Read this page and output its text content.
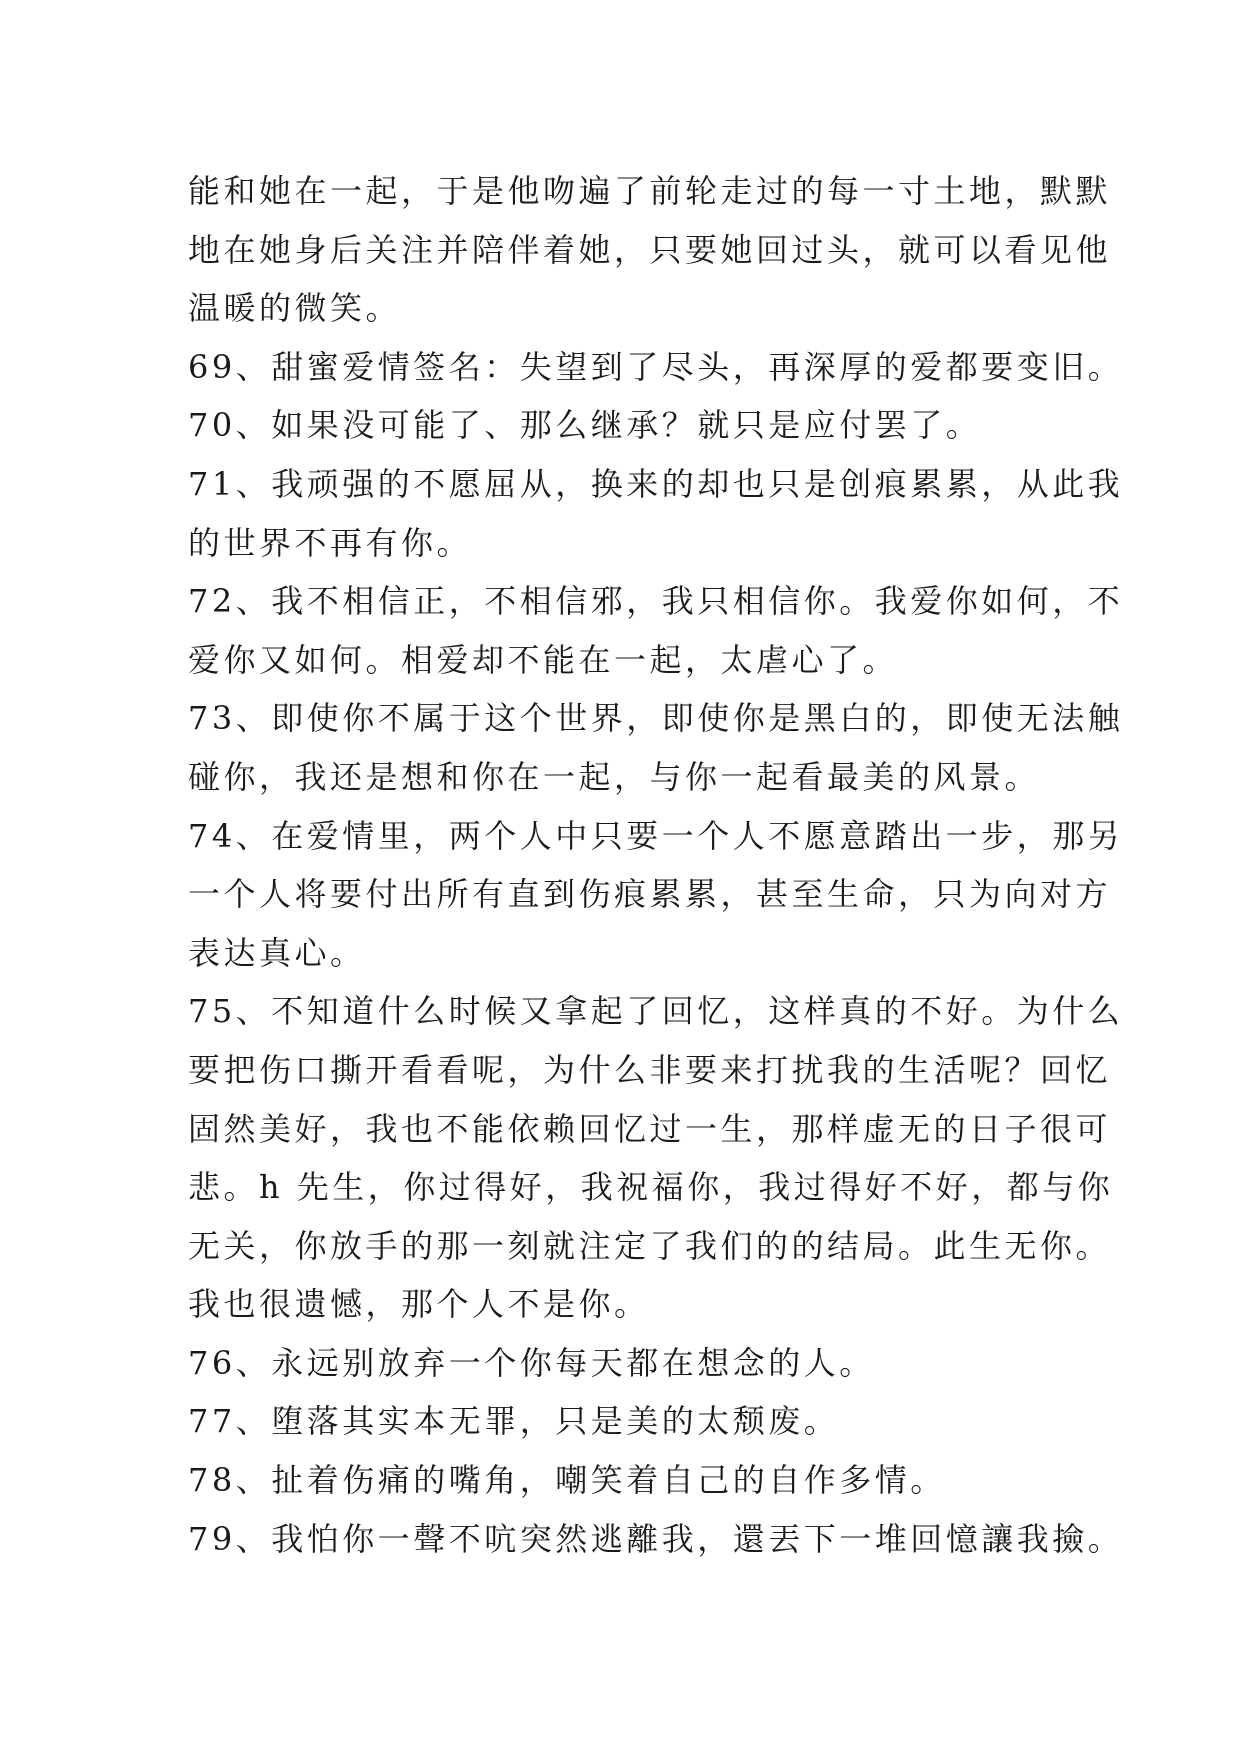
能和她在一起，于是他吻遍了前轮走过的每一寸土地，默默
地在她身后关注并陪伴着她，只要她回过头，就可以看见他
温暖的微笑。
69、甜蜜爱情签名：失望到了尽头，再深厚的爱都要变旧。
70、如果没可能了、那么继承？就只是应付罢了。
71、我顽强的不愿屈从，换来的却也只是创痕累累，从此我
的世界不再有你。
72、我不相信正，不相信邪，我只相信你。我爱你如何，不
爱你又如何。相爱却不能在一起，太虐心了。
73、即使你不属于这个世界，即使你是黑白的，即使无法触
碰你，我还是想和你在一起，与你一起看最美的风景。
74、在爱情里，两个人中只要一个人不愿意踏出一步，那另
一个人将要付出所有直到伤痕累累，甚至生命，只为向对方
表达真心。
75、不知道什么时候又拿起了回忆，这样真的不好。为什么
要把伤口撕开看看呢，为什么非要来打扰我的生活呢？回忆
固然美好，我也不能依赖回忆过一生，那样虚无的日子很可
悲。h 先生，你过得好，我祝福你，我过得好不好，都与你
无关，你放手的那一刻就注定了我们的的结局。此生无你。
我也很遗憾，那个人不是你。
76、永远别放弃一个你每天都在想念的人。
77、堕落其实本无罪，只是美的太颓废。
78、扯着伤痛的嘴角，嘲笑着自己的自作多情。
79、我怕你一聲不吭突然逃離我，還丟下一堆回憶讓我撿。
